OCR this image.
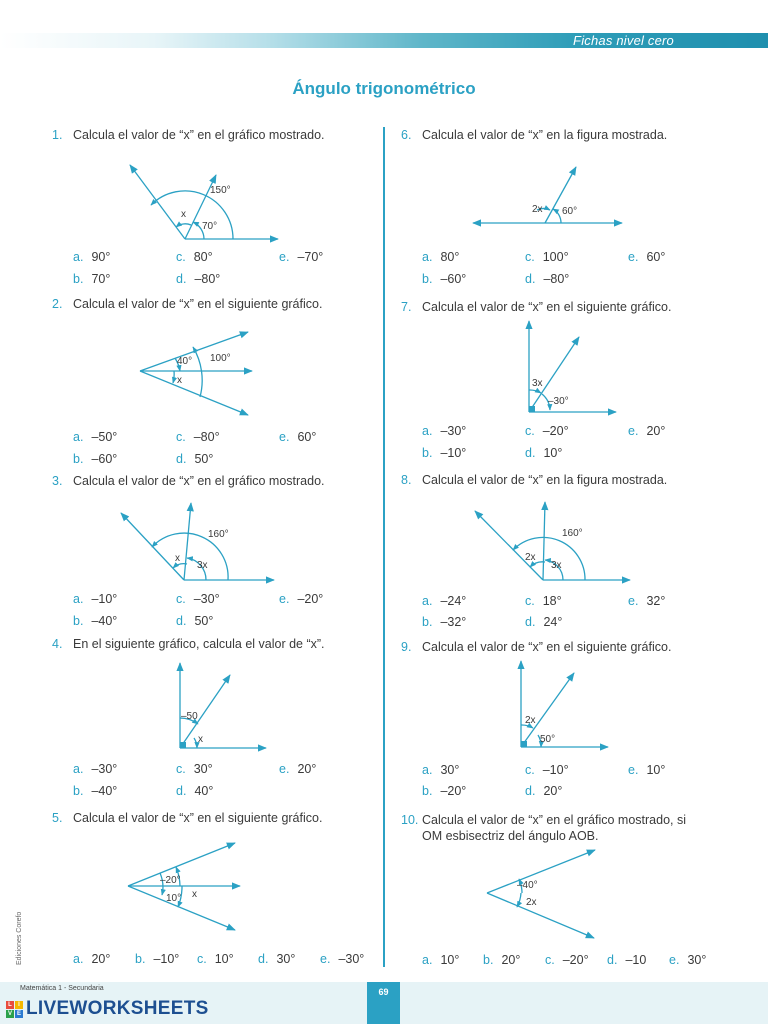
Fichas nivel cero
Ángulo trigonométrico
1. Calcula el valor de “x” en el gráfico mostrado.
150°
x
70°
a. 90°	c. 80°	e. –70°
b. 70°	d. –80°
2. Calcula el valor de “x” en el siguiente gráfico.
40° 100°
x
a. –50°	c. –80°	e. 60°
b. –60°	d. 50°
3. Calcula el valor de “x” en el gráfico mostrado.
160°
x
3x
a. –10°	c. –30°	e. –20°
b. –40°	d. 50°
4. En el siguiente gráfico, calcula el valor de “x”.
–50
x
a. –30°	c. 30°	e. 20°
b. –40°	d. 40°
5. Calcula el valor de “x” en el siguiente gráfico.
–20°
10° x
a. 20° b. –10° c. 10° d. 30° e. –30°
6. Calcula el valor de “x” en la figura mostrada.
2x 60°
a. 80°	c. 100°	e. 60°
b. –60°	d. –80°
7. Calcula el valor de “x” en el siguiente gráfico.
3x
–30°
a. –30°	c. –20°	e. 20°
b. –10°	d. 10°
8. Calcula el valor de “x” en la figura mostrada.
160°
2x
3x
a. –24°	c. 18°	e. 32°
b. –32°	d. 24°
9. Calcula el valor de “x” en el siguiente gráfico.
2x
50°
a. 30°	c. –10°	e. 10°
b. –20°	d. 20°
10. Calcula el valor de “x” en el gráfico mostrado, si
OM esbisectriz del ángulo AOB.
–40°
2x
a. 10° b. 20° c. –20° d. –10 e. 30°
Ediciones Corefo
Matemática 1 - Secundaria	69
L	I
V E LIVEWORKSHEETS
